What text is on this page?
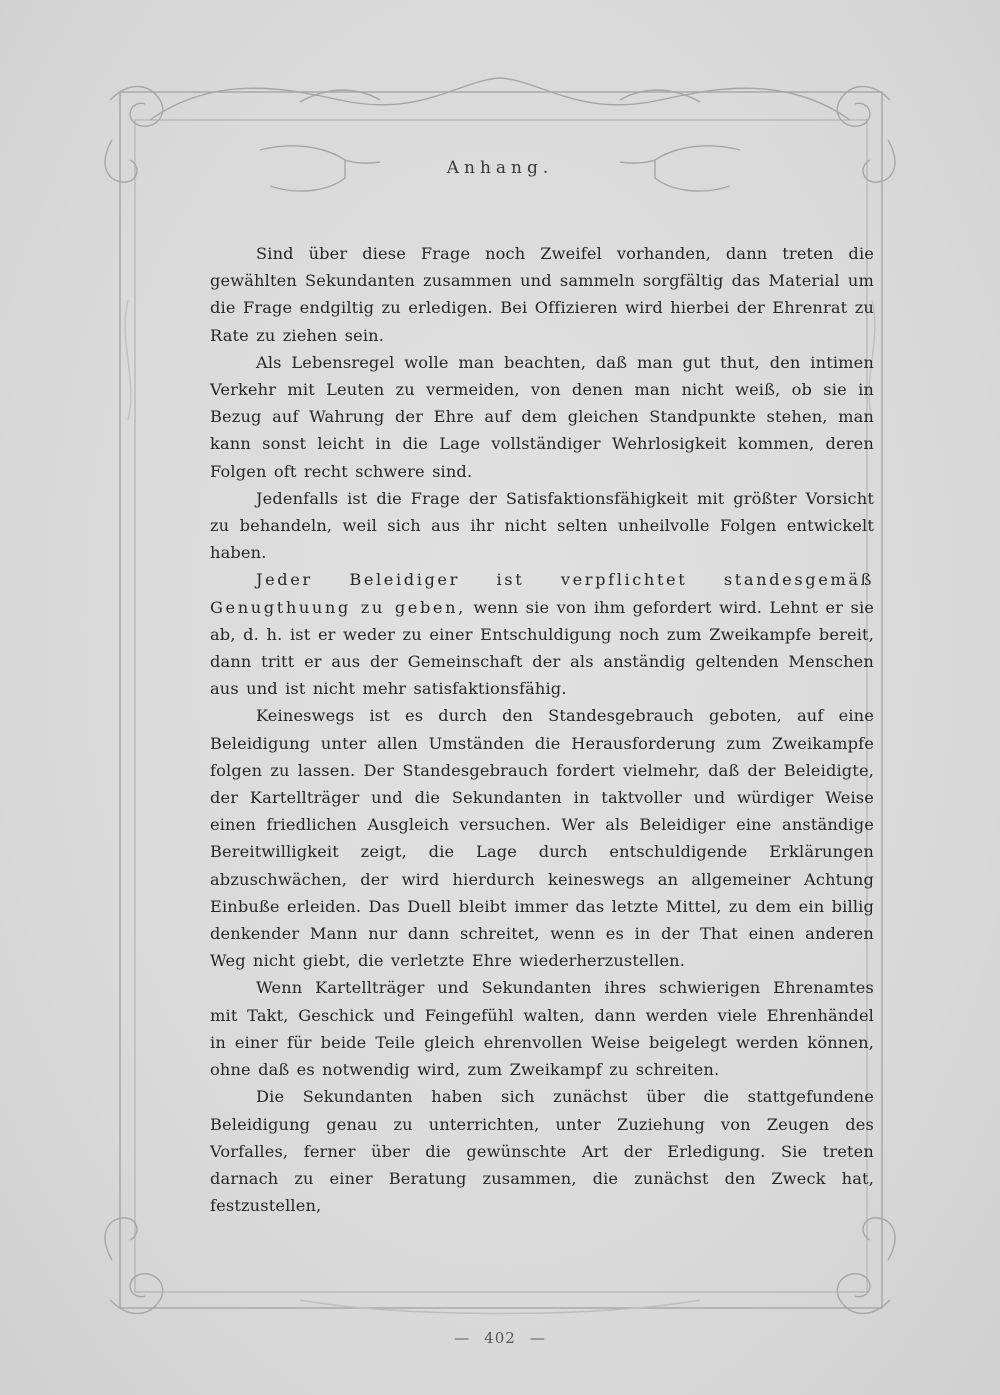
Anhang.

Sind über diese Frage noch Zweifel vorhanden, dann treten die gewählten Sekundanten zusammen und sammeln sorgfältig das Material um die Frage endgiltig zu erledigen. Bei Offizieren wird hierbei der Ehrenrat zu Rate zu ziehen sein.

Als Lebensregel wolle man beachten, daß man gut thut, den intimen Verkehr mit Leuten zu vermeiden, von denen man nicht weiß, ob sie in Bezug auf Wahrung der Ehre auf dem gleichen Standpunkte stehen, man kann sonst leicht in die Lage vollständiger Wehrlosigkeit kommen, deren Folgen oft recht schwere sind.

Jedenfalls ist die Frage der Satisfaktionsfähigkeit mit größter Vorsicht zu behandeln, weil sich aus ihr nicht selten unheilvolle Folgen entwickelt haben.

Jeder Beleidiger ist verpflichtet standesgemäß Genugthuung zu geben, wenn sie von ihm gefordert wird. Lehnt er sie ab, d. h. ist er weder zu einer Entschuldigung noch zum Zweikampfe bereit, dann tritt er aus der Gemeinschaft der als anständig geltenden Menschen aus und ist nicht mehr satisfaktionsfähig.

Keineswegs ist es durch den Standesgebrauch geboten, auf eine Beleidigung unter allen Umständen die Herausforderung zum Zweikampfe folgen zu lassen. Der Standesgebrauch fordert vielmehr, daß der Beleidigte, der Kartellträger und die Sekundanten in taktvoller und würdiger Weise einen friedlichen Ausgleich versuchen. Wer als Beleidiger eine anständige Bereitwilligkeit zeigt, die Lage durch entschuldigende Erklärungen abzuschwächen, der wird hierdurch keineswegs an allgemeiner Achtung Einbuße erleiden. Das Duell bleibt immer das letzte Mittel, zu dem ein billig denkender Mann nur dann schreitet, wenn es in der That einen anderen Weg nicht giebt, die verletzte Ehre wiederherzustellen.

Wenn Kartellträger und Sekundanten ihres schwierigen Ehrenamtes mit Takt, Geschick und Feingefühl walten, dann werden viele Ehrenhändel in einer für beide Teile gleich ehrenvollen Weise beigelegt werden können, ohne daß es notwendig wird, zum Zweikampf zu schreiten.

Die Sekundanten haben sich zunächst über die stattgefundene Beleidigung genau zu unterrichten, unter Zuziehung von Zeugen des Vorfalles, ferner über die gewünschte Art der Erledigung. Sie treten darnach zu einer Beratung zusammen, die zunächst den Zweck hat, festzustellen,

— 402 —
